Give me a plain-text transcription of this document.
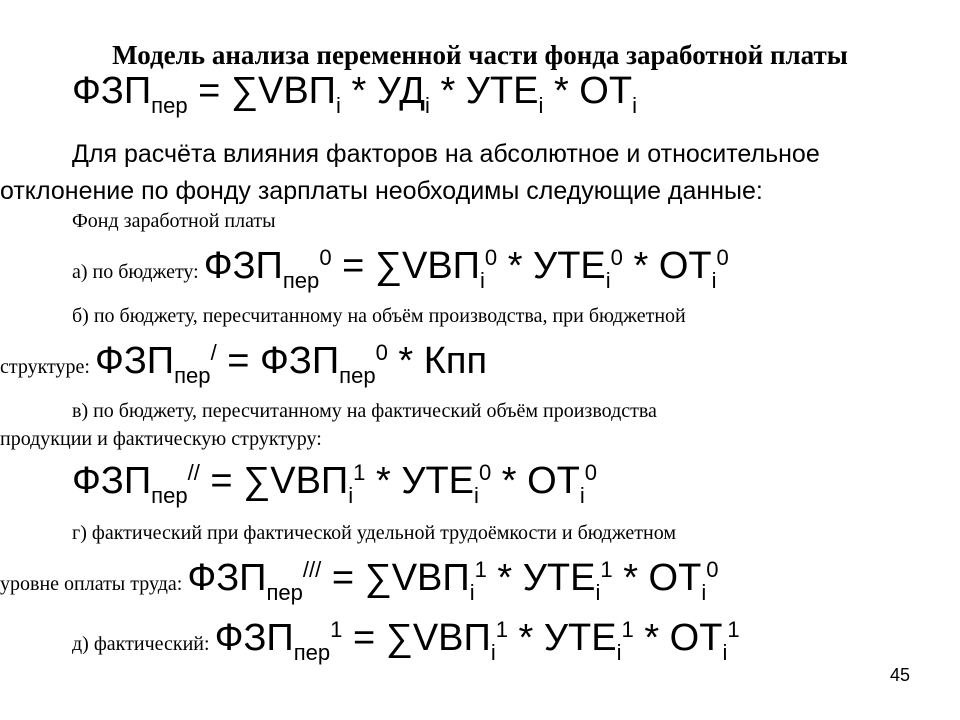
Модель анализа переменной части фонда заработной платы
$ФЗП_{пер} = \sum VВП_i * УД_i * УТЕ_i * ОТ_i$
Для расчёта влияния факторов на абсолютное и относительное
отклонение по фонду зарплаты необходимы следующие данные:
Фонд заработной платы
а) по бюджету: $ФЗП_{пер}^0 = \sum VВП_i^0 * УТЕ_i^0 * ОТ_i^0$
б) по бюджету, пересчитанному на объём производства, при бюджетной
структуре: $ФЗП_{пер}^/ = ФЗП_{пер}^0$ * Кпп
в) по бюджету, пересчитанному на фактический объём производства
продукции и фактическую структуру:
$ФЗП_{пер}^{//} = \sum VВП_i^1 * УТЕ_i^0 * ОТ_i^0$
г) фактический при фактической удельной трудоёмкости и бюджетном
уровне оплаты труда: $ФЗП_{пер}^{///} = \sum VВП_i^1 * УТЕ_i^1 * ОТ_i^0$
д) фактический: $ФЗП_{пер}^1 = \sum VВП_i^1 * УТЕ_i^1 * ОТ_i^1$
45
